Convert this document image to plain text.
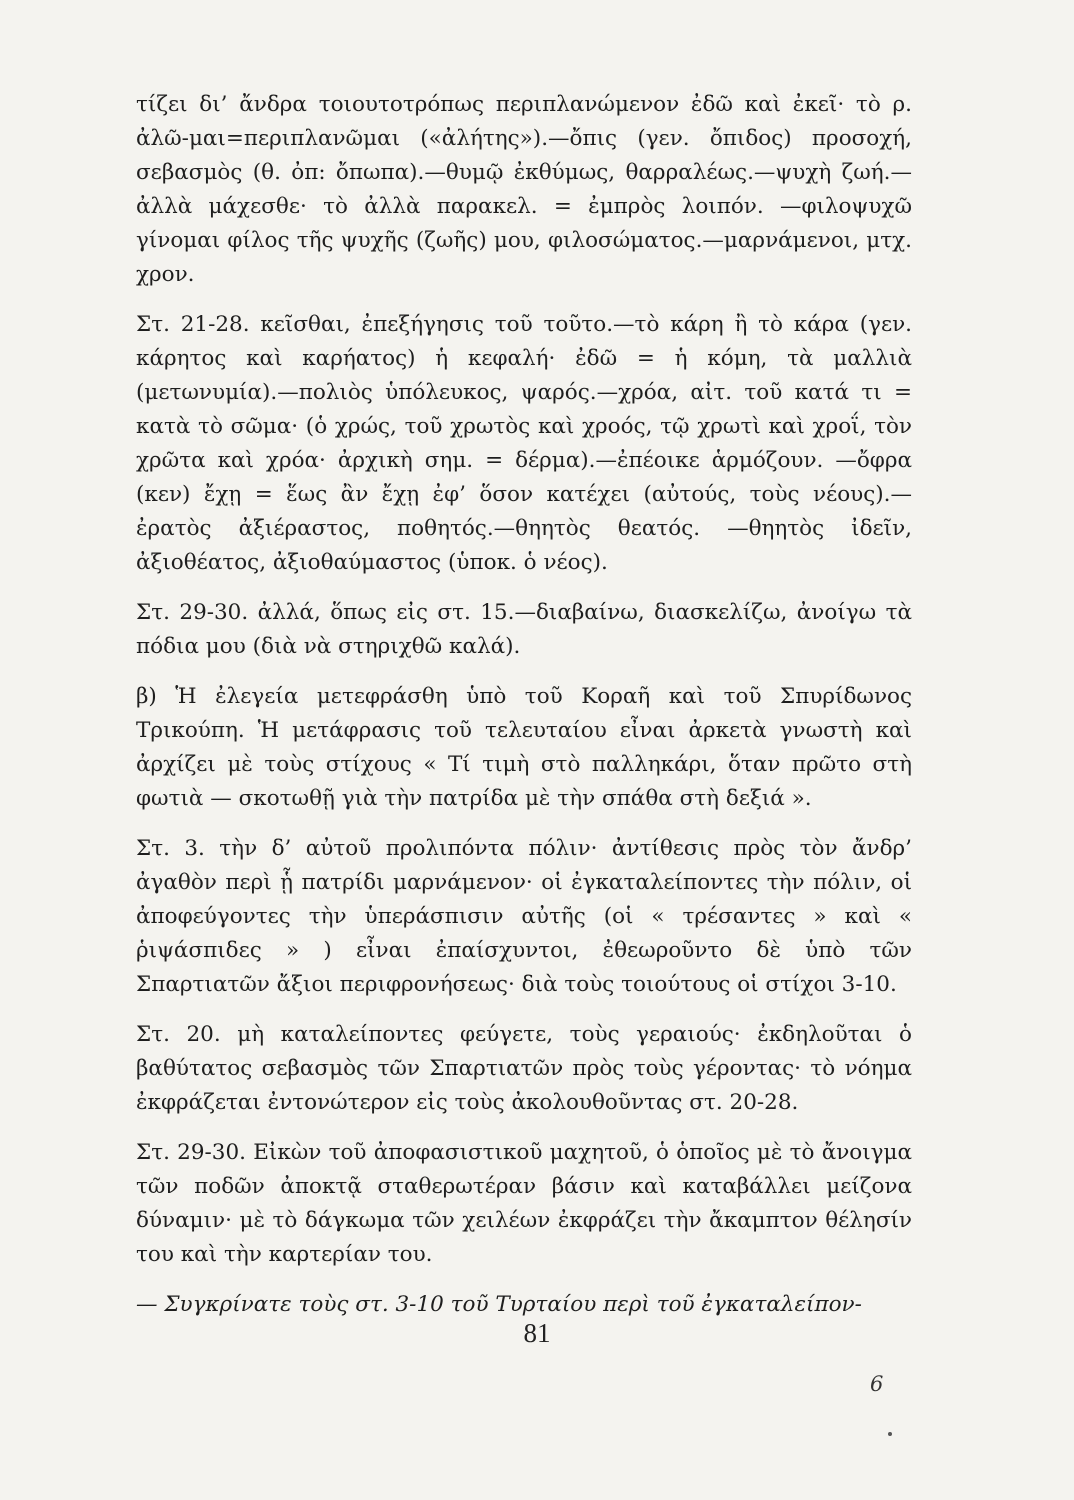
τίζει δι’ ἄνδρα τοιουτοτρόπως περιπλανώμενον ἐδῶ καὶ ἐκεῖ· τὸ ρ. ἀλῶ-μαι=περιπλανῶμαι («ἀλήτης»).—ὄπις (γεν. ὄπιδος) προσοχή, σεβασμὸς (θ. ὀπ: ὄπωπα).—θυμῷ ἐκθύμως, θαρραλέως.—ψυχὴ ζωή.—ἀλλὰ μάχεσθε· τὸ ἀλλὰ παρακελ. = ἐμπρὸς λοιπόν. —φιλοψυχῶ γίνομαι φίλος τῆς ψυχῆς (ζωῆς) μου, φιλοσώματος.—μαρνάμενοι, μτχ. χρον.

Στ. 21-28. κεῖσθαι, ἐπεξήγησις τοῦ τοῦτο.—τὸ κάρη ἢ τὸ κάρα (γεν. κάρητος καὶ καρήατος) ἡ κεφαλή· ἐδῶ = ἡ κόμη, τὰ μαλλιὰ (μετωνυμία).—πολιὸς ὑπόλευκος, ψαρός.—χρόα, αἰτ. τοῦ κατά τι = κατὰ τὸ σῶμα· (ὁ χρώς, τοῦ χρωτὸς καὶ χροός, τῷ χρωτὶ καὶ χροΐ, τὸν χρῶτα καὶ χρόα· ἀρχικὴ σημ. = δέρμα).—ἐπέοικε ἁρμόζουν. —ὄφρα (κεν) ἔχῃ = ἕως ἂν ἔχῃ ἐφ’ ὅσον κατέχει (αὐτούς, τοὺς νέους).—ἐρατὸς ἀξιέραστος, ποθητός.—θηητὸς θεατός. —θηητὸς ἰδεῖν, ἀξιοθέατος, ἀξιοθαύμαστος (ὑποκ. ὁ νέος).

Στ. 29-30. ἀλλά, ὅπως εἰς στ. 15.—διαβαίνω, διασκελίζω, ἀνοίγω τὰ πόδια μου (διὰ νὰ στηριχθῶ καλά).

β) Ἡ ἐλεγεία μετεφράσθη ὑπὸ τοῦ Κοραῆ καὶ τοῦ Σπυρίδωνος Τρικούπη. Ἡ μετάφρασις τοῦ τελευταίου εἶναι ἀρκετὰ γνωστὴ καὶ ἀρχίζει μὲ τοὺς στίχους « Τί τιμὴ στὸ παλληκάρι, ὅταν πρῶτο στὴ φωτιὰ — σκοτωθῇ γιὰ τὴν πατρίδα μὲ τὴν σπάθα στὴ δεξιά ».

Στ. 3. τὴν δ’ αὐτοῦ προλιπόντα πόλιν· ἀντίθεσις πρὸς τὸν ἄνδρ’ ἀγαθὸν περὶ ᾗ πατρίδι μαρνάμενον· οἱ ἐγκαταλείποντες τὴν πόλιν, οἱ ἀποφεύγοντες τὴν ὑπεράσπισιν αὐτῆς (οἱ « τρέσαντες » καὶ « ῥιψάσπιδες » ) εἶναι ἐπαίσχυντοι, ἐθεωροῦντο δὲ ὑπὸ τῶν Σπαρτιατῶν ἄξιοι περιφρονήσεως· διὰ τοὺς τοιούτους οἱ στίχοι 3-10.

Στ. 20. μὴ καταλείποντες φεύγετε, τοὺς γεραιούς· ἐκδηλοῦται ὁ βαθύτατος σεβασμὸς τῶν Σπαρτιατῶν πρὸς τοὺς γέροντας· τὸ νόημα ἐκφράζεται ἐντονώτερον εἰς τοὺς ἀκολουθοῦντας στ. 20-28.

Στ. 29-30. Εἰκὼν τοῦ ἀποφασιστικοῦ μαχητοῦ, ὁ ὁποῖος μὲ τὸ ἄνοιγμα τῶν ποδῶν ἀποκτᾷ σταθερωτέραν βάσιν καὶ καταβάλλει μείζονα δύναμιν· μὲ τὸ δάγκωμα τῶν χειλέων ἐκφράζει τὴν ἄκαμπτον θέλησίν του καὶ τὴν καρτερίαν του.

— Συγκρίνατε τοὺς στ. 3-10 τοῦ Τυρταίου περὶ τοῦ ἐγκαταλείπον-

81
6
